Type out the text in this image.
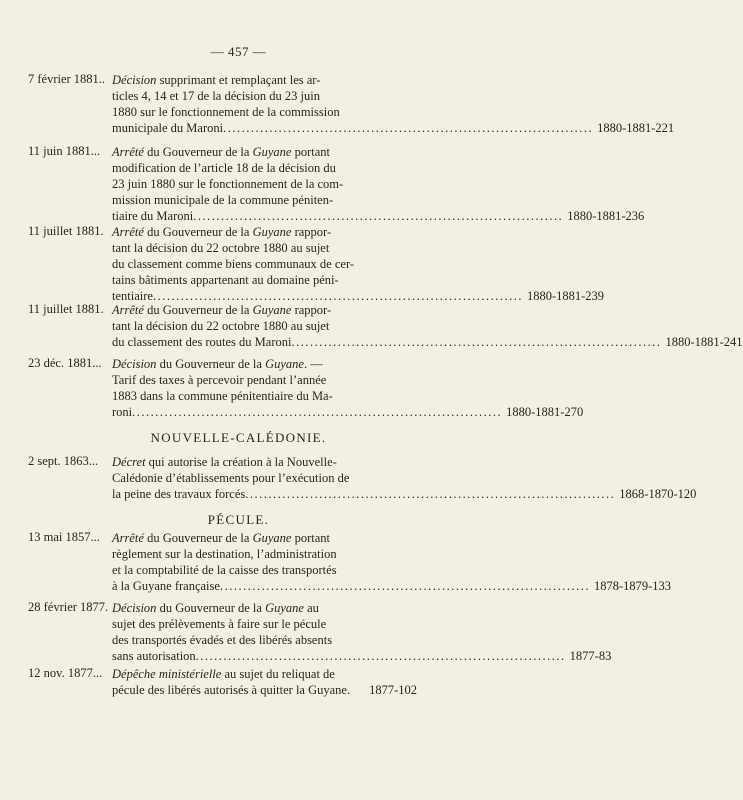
— 457 —
7 février 1881.. Décision supprimant et remplaçant les ar-
ticles 4, 14 et 17 de la décision du 23 juin
1880 sur le fonctionnement de la commission
municipale du Maroni ................................................................................ 1880-1881-221
11 juin 1881... Arrêté du Gouverneur de la Guyane portant
modification de l’article 18 de la décision du
23 juin 1880 sur le fonctionnement de la com-
mission municipale de la commune péniten-
tiaire du Maroni ................................................................................ 1880-1881-236
11 juillet 1881. Arrêté du Gouverneur de la Guyane rappor-
tant la décision du 22 octobre 1880 au sujet
du classement comme biens communaux de cer-
tains bâtiments appartenant au domaine péni-
tentiaire ................................................................................ 1880-1881-239
11 juillet 1881. Arrêté du Gouverneur de la Guyane rappor-
tant la décision du 22 octobre 1880 au sujet
du classement des routes du Maroni ................................................................................ 1880-1881-241
23 déc. 1881... Décision du Gouverneur de la Guyane. —
Tarif des taxes à percevoir pendant l’année
1883 dans la commune pénitentiaire du Ma-
roni ................................................................................ 1880-1881-270
NOUVELLE-CALÉDONIE.
2 sept. 1863... Décret qui autorise la création à la Nouvelle-
Calédonie d’établissements pour l’exécution de
la peine des travaux forcés ................................................................................ 1868-1870-120
PÉCULE.
13 mai 1857... Arrêté du Gouverneur de la Guyane portant
règlement sur la destination, l’administration
et la comptabilité de la caisse des transportés
à la Guyane française ................................................................................ 1878-1879-133
28 février 1877. Décision du Gouverneur de la Guyane au
sujet des prélèvements à faire sur le pécule
des transportés évadés et des libérés absents
sans autorisation ................................................................................ 1877-83
12 nov. 1877... Dépêche ministérielle au sujet du reliquat de
pécule des libérés autorisés à quitter la Guyane.	1877-102
